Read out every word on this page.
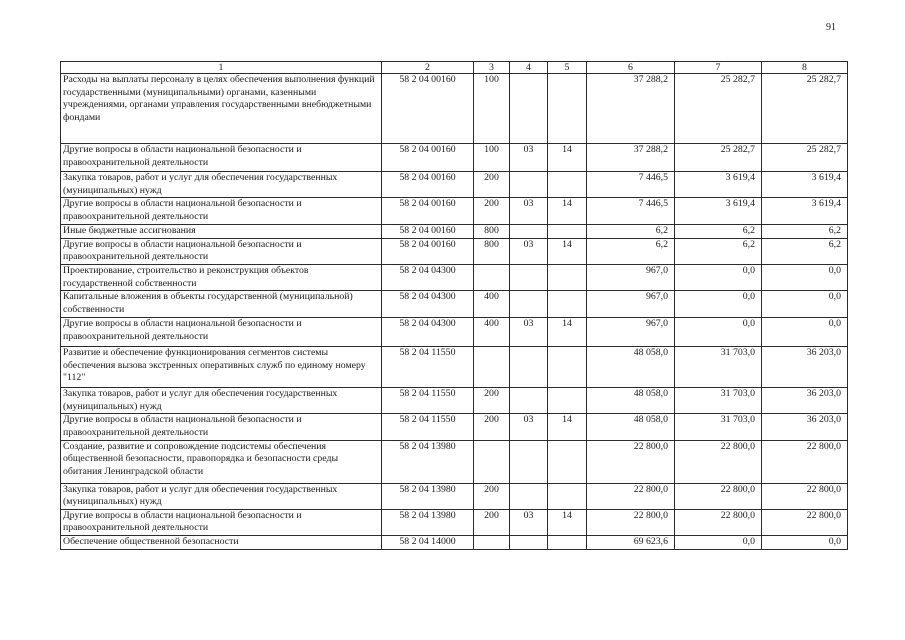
91
1	2	3	4	5	6	7	8
Расходы на выплаты персоналу в целях обеспечения выполнения функций государственными (муниципальными) органами, казенными учреждениями, органами управления государственными внебюджетными фондами	58 2 04 00160	100			37 288,2	25 282,7	25 282,7
Другие вопросы в области национальной безопасности и правоохранительной деятельности	58 2 04 00160	100	03	14	37 288,2	25 282,7	25 282,7
Закупка товаров, работ и услуг для обеспечения государственных (муниципальных) нужд	58 2 04 00160	200			7 446,5	3 619,4	3 619,4
Другие вопросы в области национальной безопасности и правоохранительной деятельности	58 2 04 00160	200	03	14	7 446,5	3 619,4	3 619,4
Иные бюджетные ассигнования	58 2 04 00160	800			6,2	6,2	6,2
Другие вопросы в области национальной безопасности и правоохранительной деятельности	58 2 04 00160	800	03	14	6,2	6,2	6,2
Проектирование, строительство и реконструкция объектов государственной собственности	58 2 04 04300				967,0	0,0	0,0
Капитальные вложения в объекты государственной (муниципальной) собственности	58 2 04 04300	400			967,0	0,0	0,0
Другие вопросы в области национальной безопасности и правоохранительной деятельности	58 2 04 04300	400	03	14	967,0	0,0	0,0
Развитие и обеспечение функционирования сегментов системы обеспечения вызова экстренных оперативных служб по единому номеру "112"	58 2 04 11550				48 058,0	31 703,0	36 203,0
Закупка товаров, работ и услуг для обеспечения государственных (муниципальных) нужд	58 2 04 11550	200			48 058,0	31 703,0	36 203,0
Другие вопросы в области национальной безопасности и правоохранительной деятельности	58 2 04 11550	200	03	14	48 058,0	31 703,0	36 203,0
Создание, развитие и сопровождение подсистемы обеспечения общественной безопасности, правопорядка и безопасности среды обитания Ленинградской области	58 2 04 13980				22 800,0	22 800,0	22 800,0
Закупка товаров, работ и услуг для обеспечения государственных (муниципальных) нужд	58 2 04 13980	200			22 800,0	22 800,0	22 800,0
Другие вопросы в области национальной безопасности и правоохранительной деятельности	58 2 04 13980	200	03	14	22 800,0	22 800,0	22 800,0
Обеспечение общественной безопасности	58 2 04 14000				69 623,6	0,0	0,0
